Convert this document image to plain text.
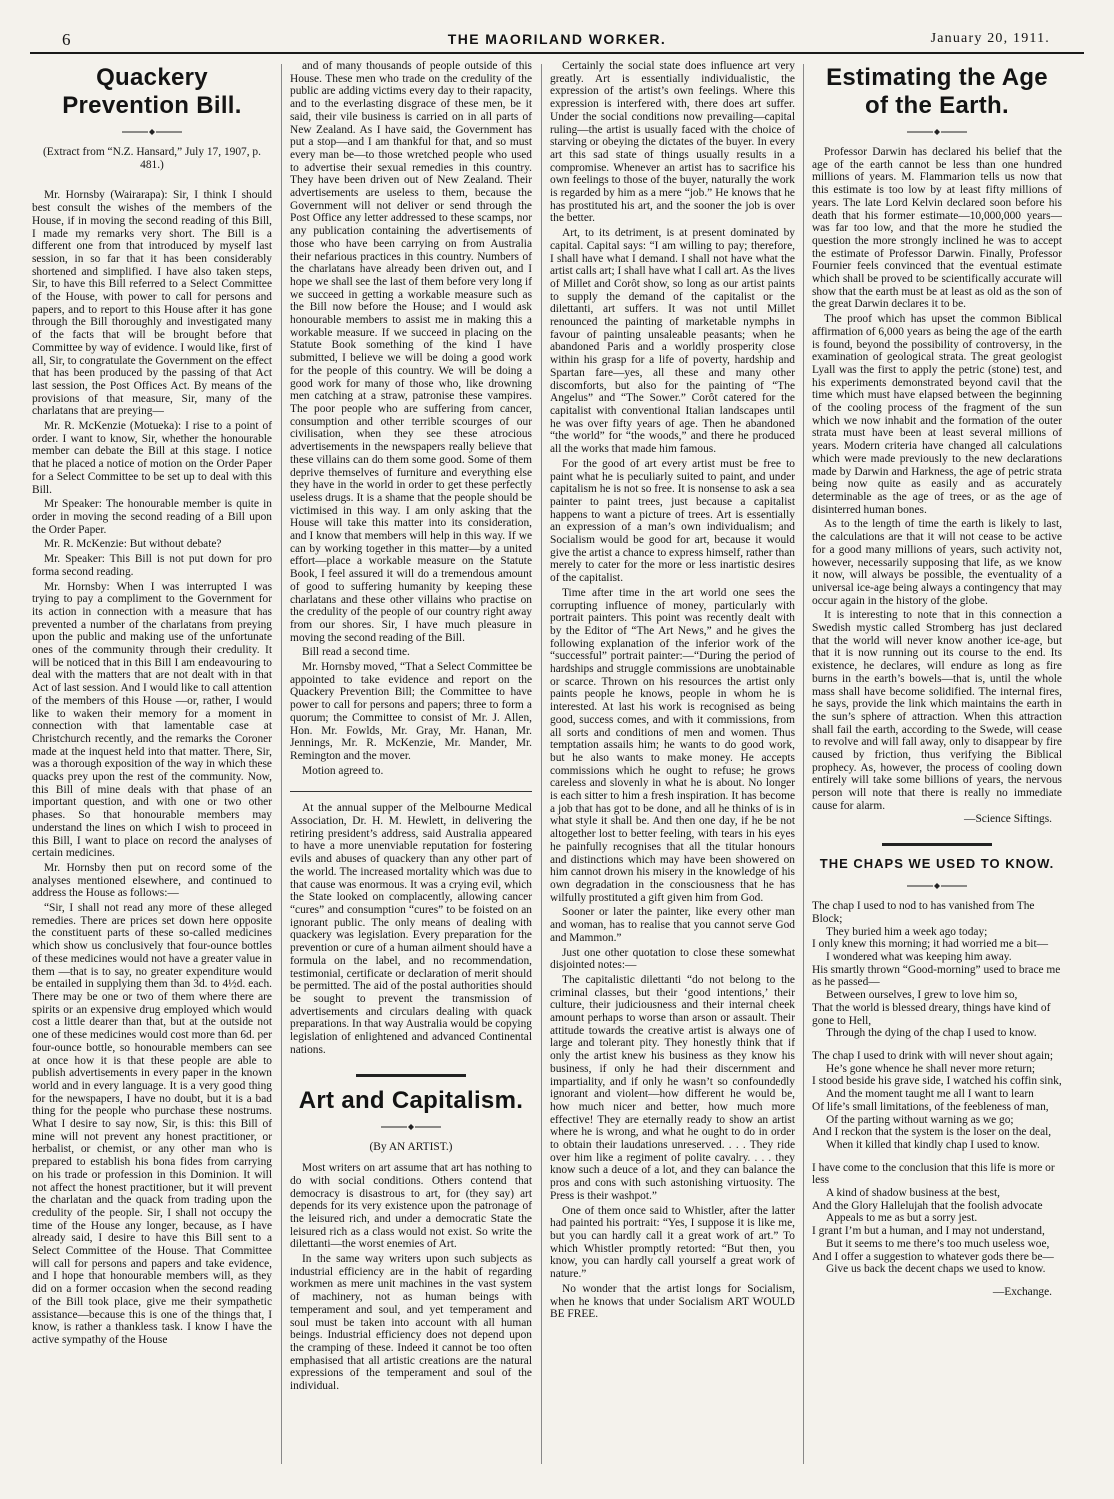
6	THE MAORILAND WORKER.	January 20, 1911.
Quackery Prevention Bill.

(Extract from “N.Z. Hansard,” July 17, 1907, p. 481.)

Mr. Hornsby (Wairarapa): Sir, I think I should best consult the wishes of the members of the House, if in moving the second reading of this Bill, I made my remarks very short. The Bill is a different one from that introduced by myself last session, in so far that it has been considerably shortened and simplified. I have also taken steps, Sir, to have this Bill referred to a Select Committee of the House, with power to call for persons and papers, and to report to this House after it has gone through the Bill thoroughly and investigated many of the facts that will be brought before that Committee by way of evidence. I would like, first of all, Sir, to congratulate the Government on the effect that has been produced by the passing of that Act last session, the Post Offices Act. By means of the provisions of that measure, Sir, many of the charlatans that are preying—

Mr. R. McKenzie (Motueka): I rise to a point of order. I want to know, Sir, whether the honourable member can debate the Bill at this stage. I notice that he placed a notice of motion on the Order Paper for a Select Committee to be set up to deal with this Bill.

Mr Speaker: The honourable member is quite in order in moving the second reading of a Bill upon the Order Paper.

Mr. R. McKenzie: But without debate?

Mr. Speaker: This Bill is not put down for pro forma second reading.

Mr. Hornsby: When I was interrupted I was trying to pay a compliment to the Government for its action in connection with a measure that has prevented a number of the charlatans from preying upon the public and making use of the unfortunate ones of the community through their credulity. It will be noticed that in this Bill I am endeavouring to deal with the matters that are not dealt with in that Act of last session. And I would like to call attention of the members of this House —or, rather, I would like to waken their memory for a moment in connection with that lamentable case at Christchurch recently, and the remarks the Coroner made at the inquest held into that matter. There, Sir, was a thorough exposition of the way in which these quacks prey upon the rest of the community. Now, this Bill of mine deals with that phase of an important question, and with one or two other phases. So that honourable members may understand the lines on which I wish to proceed in this Bill, I want to place on record the analyses of certain medicines.

Mr. Hornsby then put on record some of the analyses mentioned elsewhere, and continued to address the House as follows:—

“Sir, I shall not read any more of these alleged remedies. There are prices set down here opposite the constituent parts of these so-called medicines which show us conclusively that four-ounce bottles of these medicines would not have a greater value in them —that is to say, no greater expenditure would be entailed in supplying them than 3d. to 4½d. each. There may be one or two of them where there are spirits or an expensive drug employed which would cost a little dearer than that, but at the outside not one of these medicines would cost more than 6d. per four-ounce bottle, so honourable members can see at once how it is that these people are able to publish advertisements in every paper in the known world and in every language. It is a very good thing for the newspapers, I have no doubt, but it is a bad thing for the people who purchase these nostrums. What I desire to say now, Sir, is this: this Bill of mine will not prevent any honest practitioner, or herbalist, or chemist, or any other man who is prepared to establish his bona fides from carrying on his trade or profession in this Dominion. It will not affect the honest practitioner, but it will prevent the charlatan and the quack from trading upon the credulity of the people. Sir, I shall not occupy the time of the House any longer, because, as I have already said, I desire to have this Bill sent to a Select Committee of the House. That Committee will call for persons and papers and take evidence, and I hope that honourable members will, as they did on a former occasion when the second reading of the Bill took place, give me their sympathetic assistance—because this is one of the things that, I know, is rather a thankless task. I know I have the active sympathy of the House

and of many thousands of people outside of this House. These men who trade on the credulity of the public are adding victims every day to their rapacity, and to the everlasting disgrace of these men, be it said, their vile business is carried on in all parts of New Zealand. As I have said, the Government has put a stop—and I am thankful for that, and so must every man be—to those wretched people who used to advertise their sexual remedies in this country. They have been driven out of New Zealand. Their advertisements are useless to them, because the Government will not deliver or send through the Post Office any letter addressed to these scamps, nor any publication containing the advertisements of those who have been carrying on from Australia their nefarious practices in this country. Numbers of the charlatans have already been driven out, and I hope we shall see the last of them before very long if we succeed in getting a workable measure such as the Bill now before the House; and I would ask honourable members to assist me in making this a workable measure. If we succeed in placing on the Statute Book something of the kind I have submitted, I believe we will be doing a good work for the people of this country. We will be doing a good work for many of those who, like drowning men catching at a straw, patronise these vampires. The poor people who are suffering from cancer, consumption and other terrible scourges of our civilisation, when they see these atrocious advertisements in the newspapers really believe that these villains can do them some good. Some of them deprive themselves of furniture and everything else they have in the world in order to get these perfectly useless drugs. It is a shame that the people should be victimised in this way. I am only asking that the House will take this matter into its consideration, and I know that members will help in this way. If we can by working together in this matter—by a united effort—place a workable measure on the Statute Book, I feel assured it will do a tremendous amount of good to suffering humanity by keeping these charlatans and these other villains who practise on the credulity of the people of our country right away from our shores. Sir, I have much pleasure in moving the second reading of the Bill.

Bill read a second time.

Mr. Hornsby moved, “That a Select Committee be appointed to take evidence and report on the Quackery Prevention Bill; the Committee to have power to call for persons and papers; three to form a quorum; the Committee to consist of Mr. J. Allen, Hon. Mr. Fowlds, Mr. Gray, Mr. Hanan, Mr. Jennings, Mr. R. McKenzie, Mr. Mander, Mr. Remington and the mover.

Motion agreed to.

At the annual supper of the Melbourne Medical Association, Dr. H. M. Hewlett, in delivering the retiring president’s address, said Australia appeared to have a more unenviable reputation for fostering evils and abuses of quackery than any other part of the world. The increased mortality which was due to that cause was enormous. It was a crying evil, which the State looked on complacently, allowing cancer “cures” and consumption “cures” to be foisted on an ignorant public. The only means of dealing with quackery was legislation. Every preparation for the prevention or cure of a human ailment should have a formula on the label, and no recommendation, testimonial, certificate or declaration of merit should be permitted. The aid of the postal authorities should be sought to prevent the transmission of advertisements and circulars dealing with quack preparations. In that way Australia would be copying legislation of enlightened and advanced Continental nations.

Art and Capitalism.

(By AN ARTIST.)

Most writers on art assume that art has nothing to do with social conditions. Others contend that democracy is disastrous to art, for (they say) art depends for its very existence upon the patronage of the leisured rich, and under a democratic State the leisured rich as a class would not exist. So write the dilettanti—the worst enemies of Art.

In the same way writers upon such subjects as industrial efficiency are in the habit of regarding workmen as mere unit machines in the vast system of machinery, not as human beings with temperament and soul, and yet temperament and soul must be taken into account with all human beings. Industrial efficiency does not depend upon the cramping of these. Indeed it cannot be too often emphasised that all artistic creations are the natural expressions of the temperament and soul of the individual.

Certainly the social state does influence art very greatly. Art is essentially individualistic, the expression of the artist’s own feelings. Where this expression is interfered with, there does art suffer. Under the social conditions now prevailing—capital ruling—the artist is usually faced with the choice of starving or obeying the dictates of the buyer. In every art this sad state of things usually results in a compromise. Whenever an artist has to sacrifice his own feelings to those of the buyer, naturally the work is regarded by him as a mere “job.” He knows that he has prostituted his art, and the sooner the job is over the better.

Art, to its detriment, is at present dominated by capital. Capital says: “I am willing to pay; therefore, I shall have what I demand. I shall not have what the artist calls art; I shall have what I call art. As the lives of Millet and Corôt show, so long as our artist paints to supply the demand of the capitalist or the dilettanti, art suffers. It was not until Millet renounced the painting of marketable nymphs in favour of painting unsaleable peasants; when he abandoned Paris and a worldly prosperity close within his grasp for a life of poverty, hardship and Spartan fare—yes, all these and many other discomforts, but also for the painting of “The Angelus” and “The Sower.” Corôt catered for the capitalist with conventional Italian landscapes until he was over fifty years of age. Then he abandoned “the world” for “the woods,” and there he produced all the works that made him famous.

For the good of art every artist must be free to paint what he is peculiarly suited to paint, and under capitalism he is not so free. It is nonsense to ask a sea painter to paint trees, just because a capitalist happens to want a picture of trees. Art is essentially an expression of a man’s own individualism; and Socialism would be good for art, because it would give the artist a chance to express himself, rather than merely to cater for the more or less inartistic desires of the capitalist.

Time after time in the art world one sees the corrupting influence of money, particularly with portrait painters. This point was recently dealt with by the Editor of “The Art News,” and he gives the following explanation of the inferior work of the “successful” portrait painter:—“During the period of hardships and struggle commissions are unobtainable or scarce. Thrown on his resources the artist only paints people he knows, people in whom he is interested. At last his work is recognised as being good, success comes, and with it commissions, from all sorts and conditions of men and women. Thus temptation assails him; he wants to do good work, but he also wants to make money. He accepts commissions which he ought to refuse; he grows careless and slovenly in what he is about. No longer is each sitter to him a fresh inspiration. It has become a job that has got to be done, and all he thinks of is in what style it shall be. And then one day, if he be not altogether lost to better feeling, with tears in his eyes he painfully recognises that all the titular honours and distinctions which may have been showered on him cannot drown his misery in the knowledge of his own degradation in the consciousness that he has wilfully prostituted a gift given him from God.

Sooner or later the painter, like every other man and woman, has to realise that you cannot serve God and Mammon.”

Just one other quotation to close these somewhat disjointed notes:—

The capitalistic dilettanti “do not belong to the criminal classes, but their ‘good intentions,’ their culture, their judiciousness and their internal cheek amount perhaps to worse than arson or assault. Their attitude towards the creative artist is always one of large and tolerant pity. They honestly think that if only the artist knew his business as they know his business, if only he had their discernment and impartiality, and if only he wasn’t so confoundedly ignorant and violent—how different he would be, how much nicer and better, how much more effective! They are eternally ready to show an artist where he is wrong, and what he ought to do in order to obtain their laudations unreserved. . . . They ride over him like a regiment of polite cavalry. . . . they know such a deuce of a lot, and they can balance the pros and cons with such astonishing virtuosity. The Press is their washpot.”

One of them once said to Whistler, after the latter had painted his portrait: “Yes, I suppose it is like me, but you can hardly call it a great work of art.” To which Whistler promptly retorted: “But then, you know, you can hardly call yourself a great work of nature.”

No wonder that the artist longs for Socialism, when he knows that under Socialism ART WOULD BE FREE.

Estimating the Age of the Earth.

Professor Darwin has declared his belief that the age of the earth cannot be less than one hundred millions of years. M. Flammarion tells us now that this estimate is too low by at least fifty millions of years. The late Lord Kelvin declared soon before his death that his former estimate—10,000,000 years—was far too low, and that the more he studied the question the more strongly inclined he was to accept the estimate of Professor Darwin. Finally, Professor Fournier feels convinced that the eventual estimate which shall be proved to be scientifically accurate will show that the earth must be at least as old as the son of the great Darwin declares it to be.

The proof which has upset the common Biblical affirmation of 6,000 years as being the age of the earth is found, beyond the possibility of controversy, in the examination of geological strata. The great geologist Lyall was the first to apply the petric (stone) test, and his experiments demonstrated beyond cavil that the time which must have elapsed between the beginning of the cooling process of the fragment of the sun which we now inhabit and the formation of the outer strata must have been at least several millions of years. Modern criteria have changed all calculations which were made previously to the new declarations made by Darwin and Harkness, the age of petric strata being now quite as easily and as accurately determinable as the age of trees, or as the age of disinterred human bones.

As to the length of time the earth is likely to last, the calculations are that it will not cease to be active for a good many millions of years, such activity not, however, necessarily supposing that life, as we know it now, will always be possible, the eventuality of a universal ice-age being always a contingency that may occur again in the history of the globe.

It is interesting to note that in this connection a Swedish mystic called Stromberg has just declared that the world will never know another ice-age, but that it is now running out its course to the end. Its existence, he declares, will endure as long as fire burns in the earth’s bowels—that is, until the whole mass shall have become solidified. The internal fires, he says, provide the link which maintains the earth in the sun’s sphere of attraction. When this attraction shall fail the earth, according to the Swede, will cease to revolve and will fall away, only to disappear by fire caused by friction, thus verifying the Biblical prophecy. As, however, the process of cooling down entirely will take some billions of years, the nervous person will note that there is really no immediate cause for alarm.

—Science Siftings.

THE CHAPS WE USED TO KNOW.
The chap I used to nod to has vanished from The Block;
They buried him a week ago today;
I only knew this morning; it had worried me a bit—
I wondered what was keeping him away.
His smartly thrown “Good-morning” used to brace me as he passed—
Between ourselves, I grew to love him so,
That the world is blessed dreary, things have kind of gone to Hell,
Through the dying of the chap I used to know.
The chap I used to drink with will never shout again;
He’s gone whence he shall never more return;
I stood beside his grave side, I watched his coffin sink,
And the moment taught me all I want to learn
Of life’s small limitations, of the feebleness of man,
Of the parting without warning as we go;
And I reckon that the system is the loser on the deal,
When it killed that kindly chap I used to know.
I have come to the conclusion that this life is more or less
A kind of shadow business at the best,
And the Glory Hallelujah that the foolish advocate
Appeals to me as but a sorry jest.
I grant I’m but a human, and I may not understand,
But it seems to me there’s too much useless woe,
And I offer a suggestion to whatever gods there be—
Give us back the decent chaps we used to know.

—Exchange.
